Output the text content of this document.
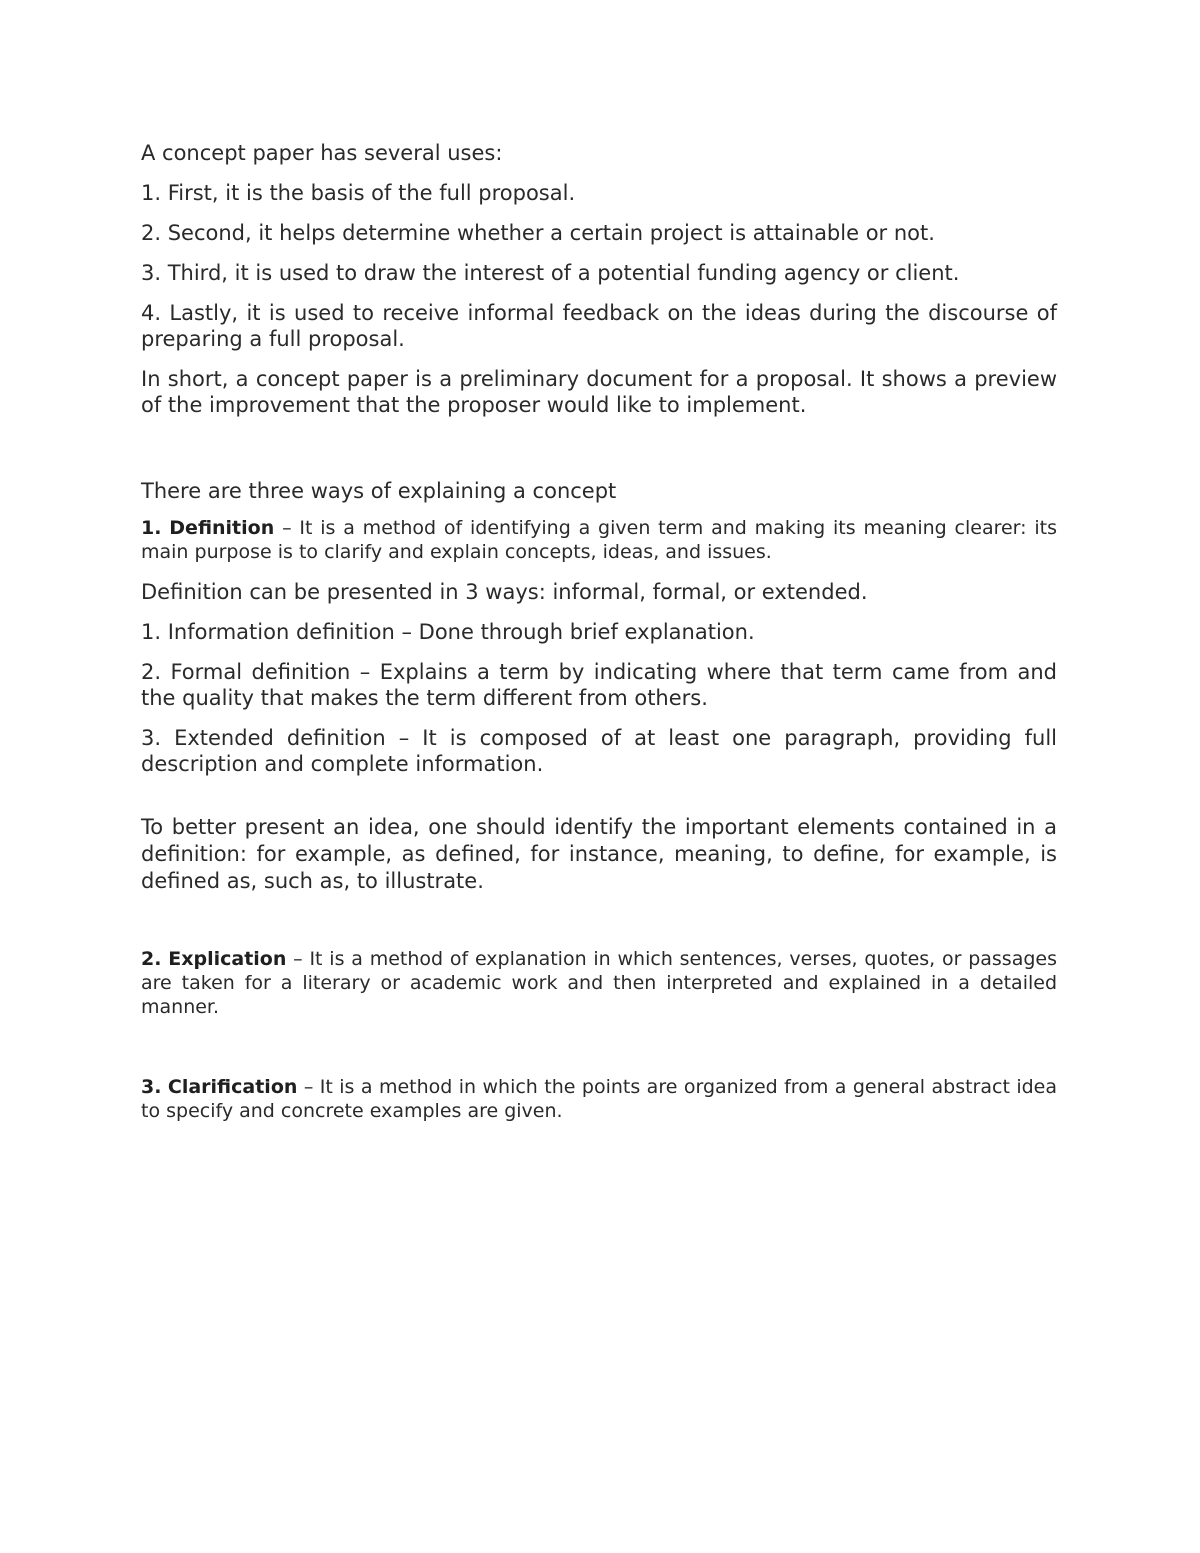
A concept paper has several uses:

1. First, it is the basis of the full proposal.

2. Second, it helps determine whether a certain project is attainable or not.

3. Third, it is used to draw the interest of a potential funding agency or client.

4. Lastly, it is used to receive informal feedback on the ideas during the discourse of preparing a full proposal.

In short, a concept paper is a preliminary document for a proposal. It shows a preview of the improvement that the proposer would like to implement.

There are three ways of explaining a concept

1. Definition – It is a method of identifying a given term and making its meaning clearer: its main purpose is to clarify and explain concepts, ideas, and issues.

Definition can be presented in 3 ways: informal, formal, or extended.

1. Information definition – Done through brief explanation.

2. Formal definition – Explains a term by indicating where that term came from and the quality that makes the term different from others.

3. Extended definition – It is composed of at least one paragraph, providing full description and complete information.

To better present an idea, one should identify the important elements contained in a definition: for example, as defined, for instance, meaning, to define, for example, is defined as, such as, to illustrate.

2. Explication – It is a method of explanation in which sentences, verses, quotes, or passages are taken for a literary or academic work and then interpreted and explained in a detailed manner.

3. Clarification – It is a method in which the points are organized from a general abstract idea to specify and concrete examples are given.
